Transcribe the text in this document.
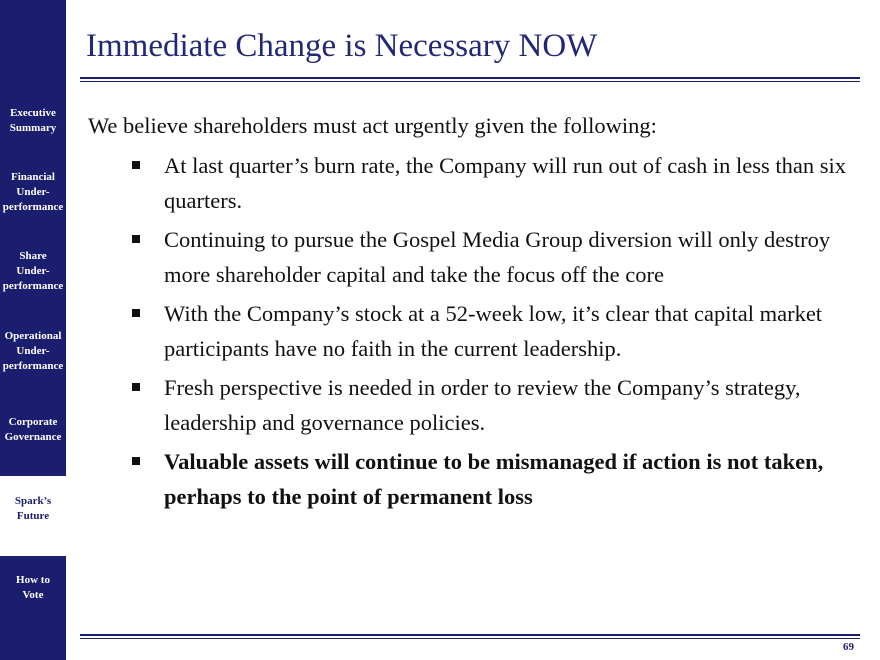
Executive
Summary
Financial
Under-
performance
Share
Under-
performance
Operational
Under-
performance
Corporate
Governance
Spark’s
Future
How to
Vote
Immediate Change is Necessary NOW
We believe shareholders must act urgently given the following:
At last quarter’s burn rate, the Company will run out of cash in less than six quarters.
Continuing to pursue the Gospel Media Group diversion will only destroy more shareholder capital and take the focus off the core
With the Company’s stock at a 52-week low, it’s clear that capital market participants have no faith in the current leadership.
Fresh perspective is needed in order to review the Company’s strategy, leadership and governance policies.
Valuable assets will continue to be mismanaged if action is not taken, perhaps to the point of permanent loss
69
